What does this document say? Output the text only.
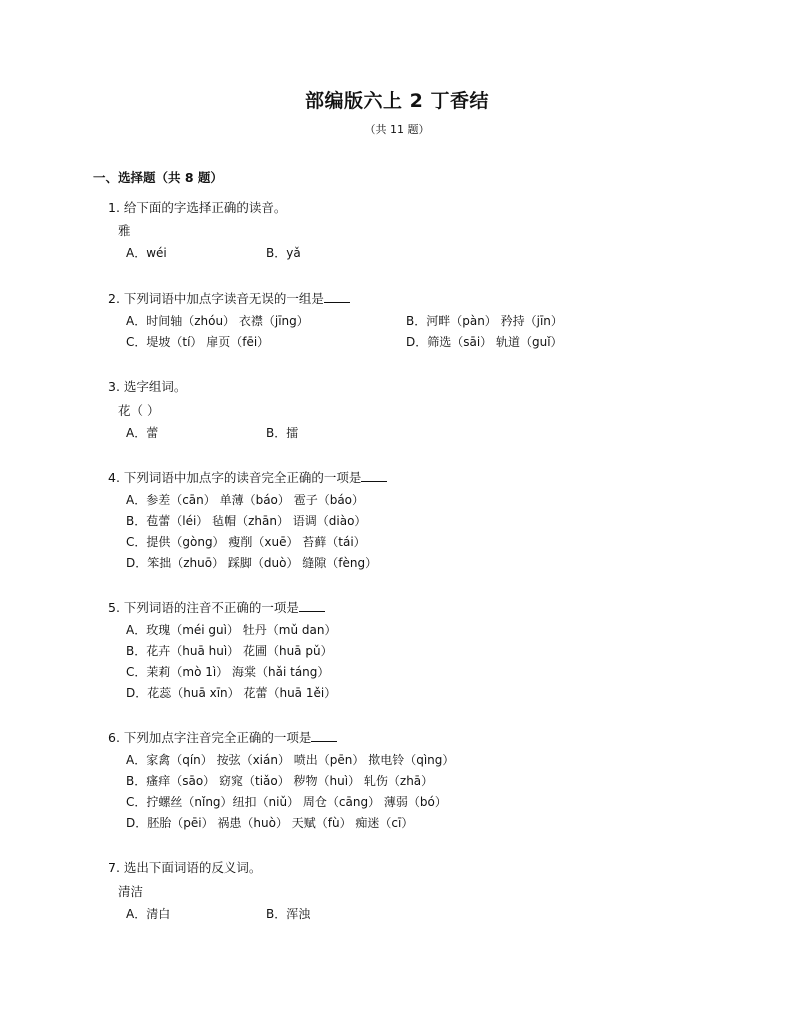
部编版六上 2 丁香结
（共 11 题）
一、选择题（共 8 题）
1. 给下面的字选择正确的读音。
雅
A．wéi	B．yǎ
2. 下列词语中加点字读音无误的一组是
A．时间轴（zhóu） 衣襟（jīng）	B．河畔（pàn） 矜持（jīn）
C．堤坡（tí） 扉页（fēi）	D．筛选（sāi） 轨道（guǐ）
3. 选字组词。
花（ ）
A．蕾	B．擂
4. 下列词语中加点字的读音完全正确的一项是
A．参差（cān） 单薄（báo） 雹子（báo）
B．苞蕾（léi） 毡帽（zhān） 语调（diào）
C．提供（gòng） 瘦削（xuē） 苔藓（tái）
D．笨拙（zhuō） 踩脚（duò） 缝隙（fèng）
5. 下列词语的注音不正确的一项是
A．玫瑰（méi guì） 牡丹（mǔ dan）
B．花卉（huā huì） 花圃（huā pǔ）
C．茉莉（mò 1ì） 海棠（hǎi táng）
D．花蕊（huā xīn） 花蕾（huā 1ěi）
6. 下列加点字注音完全正确的一项是
A．家禽（qín） 按弦（xián） 喷出（pēn） 揿电铃（qìng）
B．瘙痒（sāo） 窈窕（tiǎo） 秽物（huì） 轧伤（zhā）
C．拧螺丝（nǐng）纽扣（niǔ） 周仓（cāng） 薄弱（bó）
D．胚胎（pēi） 祸患（huò） 天赋（fù） 痴迷（cī）
7. 选出下面词语的反义词。
清洁
A．清白	B．浑浊
